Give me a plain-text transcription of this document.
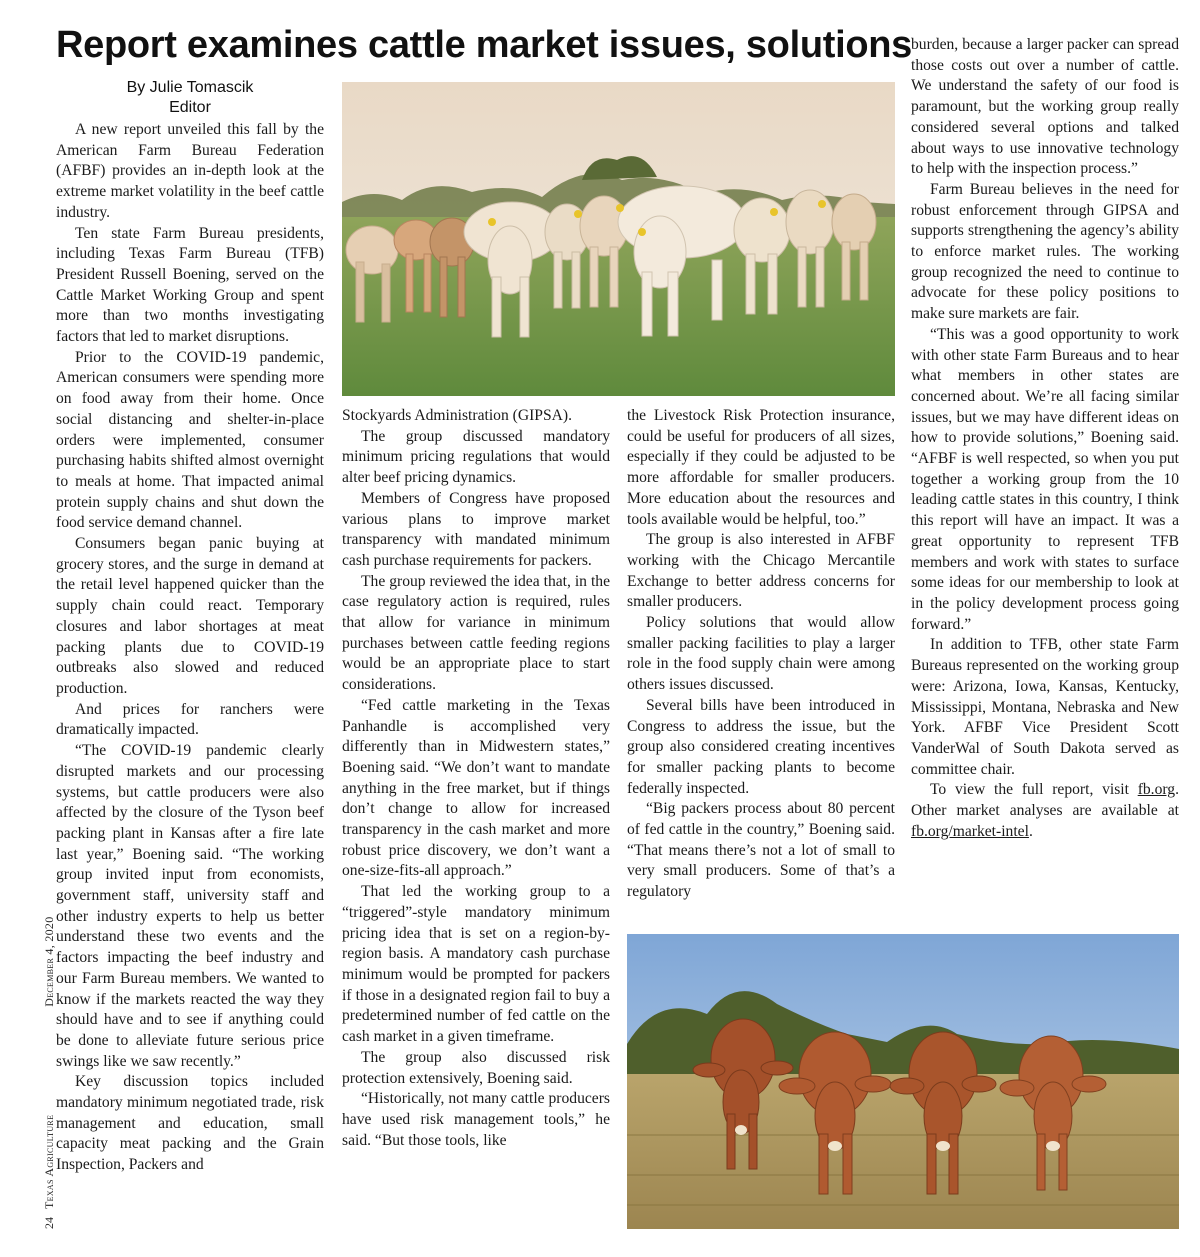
Report examines cattle market issues, solutions
By Julie Tomascik
Editor

A new report unveiled this fall by the American Farm Bureau Federation (AFBF) provides an in-depth look at the extreme market volatility in the beef cattle industry.

Ten state Farm Bureau presidents, including Texas Farm Bureau (TFB) President Russell Boening, served on the Cattle Market Working Group and spent more than two months investigating factors that led to market disruptions.

Prior to the COVID-19 pandemic, American consumers were spending more on food away from their home. Once social distancing and shelter-in-place orders were implemented, consumer purchasing habits shifted almost overnight to meals at home. That impacted animal protein supply chains and shut down the food service demand channel.

Consumers began panic buying at grocery stores, and the surge in demand at the retail level happened quicker than the supply chain could react. Temporary closures and labor shortages at meat packing plants due to COVID-19 outbreaks also slowed and reduced production.

And prices for ranchers were dramatically impacted.

“The COVID-19 pandemic clearly disrupted markets and our processing systems, but cattle producers were also affected by the closure of the Tyson beef packing plant in Kansas after a fire late last year,” Boening said. “The working group invited input from economists, government staff, university staff and other industry experts to help us better understand these two events and the factors impacting the beef industry and our Farm Bureau members. We wanted to know if the markets reacted the way they should have and to see if anything could be done to alleviate future serious price swings like we saw recently.”

Key discussion topics included mandatory minimum negotiated trade, risk management and education, small capacity meat packing and the Grain Inspection, Packers and

Stockyards Administration (GIPSA).

The group discussed mandatory minimum pricing regulations that would alter beef pricing dynamics.

Members of Congress have proposed various plans to improve market transparency with mandated minimum cash purchase requirements for packers.

The group reviewed the idea that, in the case regulatory action is required, rules that allow for variance in minimum purchases between cattle feeding regions would be an appropriate place to start considerations.

“Fed cattle marketing in the Texas Panhandle is accomplished very differently than in Midwestern states,” Boening said. “We don’t want to mandate anything in the free market, but if things don’t change to allow for increased transparency in the cash market and more robust price discovery, we don’t want a one-size-fits-all approach.”

That led the working group to a “triggered”-style mandatory minimum pricing idea that is set on a region-by-region basis. A mandatory cash purchase minimum would be prompted for packers if those in a designated region fail to buy a predetermined number of fed cattle on the cash market in a given timeframe.

The group also discussed risk protection extensively, Boening said.

“Historically, not many cattle producers have used risk management tools,” he said. “But those tools, like

the Livestock Risk Protection insurance, could be useful for producers of all sizes, especially if they could be adjusted to be more affordable for smaller producers. More education about the resources and tools available would be helpful, too.”

The group is also interested in AFBF working with the Chicago Mercantile Exchange to better address concerns for smaller producers.

Policy solutions that would allow smaller packing facilities to play a larger role in the food supply chain were among others issues discussed.

Several bills have been introduced in Congress to address the issue, but the group also considered creating incentives for smaller packing plants to become federally inspected.

“Big packers process about 80 percent of fed cattle in the country,” Boening said. “That means there’s not a lot of small to very small producers. Some of that’s a regulatory

burden, because a larger packer can spread those costs out over a number of cattle. We understand the safety of our food is paramount, but the working group really considered several options and talked about ways to use innovative technology to help with the inspection process.”

Farm Bureau believes in the need for robust enforcement through GIPSA and supports strengthening the agency’s ability to enforce market rules. The working group recognized the need to continue to advocate for these policy positions to make sure markets are fair.

“This was a good opportunity to work with other state Farm Bureaus and to hear what members in other states are concerned about. We’re all facing similar issues, but we may have different ideas on how to provide solutions,” Boening said. “AFBF is well respected, so when you put together a working group from the 10 leading cattle states in this country, I think this report will have an impact. It was a great opportunity to represent TFB members and work with states to surface some ideas for our membership to look at in the policy development process going forward.”

In addition to TFB, other state Farm Bureaus represented on the working group were: Arizona, Iowa, Kansas, Kentucky, Mississippi, Montana, Nebraska and New York. AFBF Vice President Scott VanderWal of South Dakota served as committee chair.

To view the full report, visit fb.org. Other market analyses are available at fb.org/market-intel.

24
Texas Agriculture
December 4, 2020
